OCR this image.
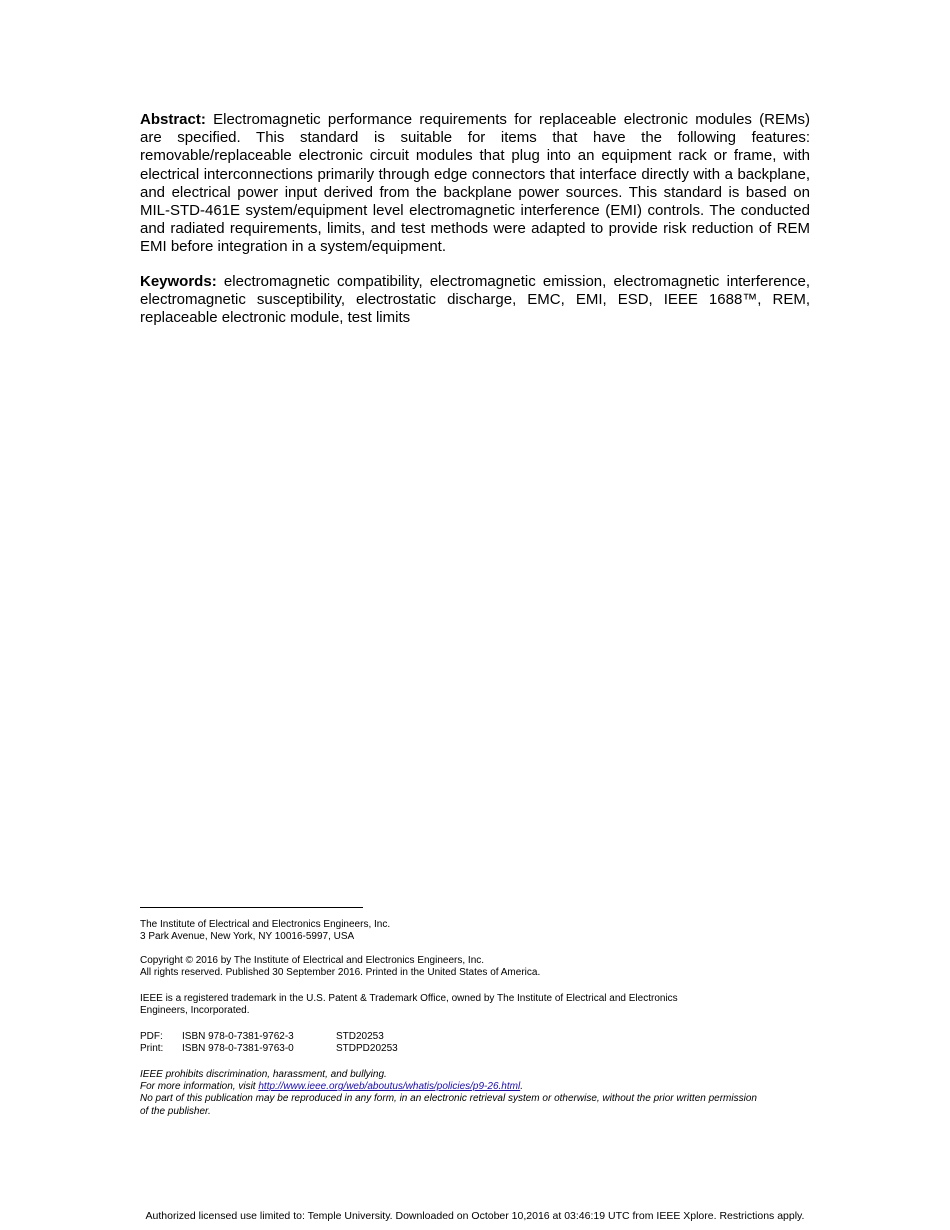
Abstract: Electromagnetic performance requirements for replaceable electronic modules (REMs) are specified. This standard is suitable for items that have the following features: removable/replaceable electronic circuit modules that plug into an equipment rack or frame, with electrical interconnections primarily through edge connectors that interface directly with a backplane, and electrical power input derived from the backplane power sources. This standard is based on MIL-STD-461E system/equipment level electromagnetic interference (EMI) controls. The conducted and radiated requirements, limits, and test methods were adapted to provide risk reduction of REM EMI before integration in a system/equipment.
Keywords: electromagnetic compatibility, electromagnetic emission, electromagnetic interference, electromagnetic susceptibility, electrostatic discharge, EMC, EMI, ESD, IEEE 1688™, REM, replaceable electronic module, test limits

The Institute of Electrical and Electronics Engineers, Inc.

3 Park Avenue, New York, NY 10016-5997, USA

Copyright © 2016 by The Institute of Electrical and Electronics Engineers, Inc.

All rights reserved. Published 30 September 2016. Printed in the United States of America.

IEEE is a registered trademark in the U.S. Patent & Trademark Office, owned by The Institute of Electrical and Electronics

Engineers, Incorporated.

PDF:	ISBN 978-0-7381-9762-3	STD20253
Print:	ISBN 978-0-7381-9763-0	STDPD20253

IEEE prohibits discrimination, harassment, and bullying.

For more information, visit http://www.ieee.org/web/aboutus/whatis/policies/p9-26.html.

No part of this publication may be reproduced in any form, in an electronic retrieval system or otherwise, without the prior written permission

of the publisher.

Authorized licensed use limited to: Temple University. Downloaded on October 10,2016 at 03:46:19 UTC from IEEE Xplore. Restrictions apply.
